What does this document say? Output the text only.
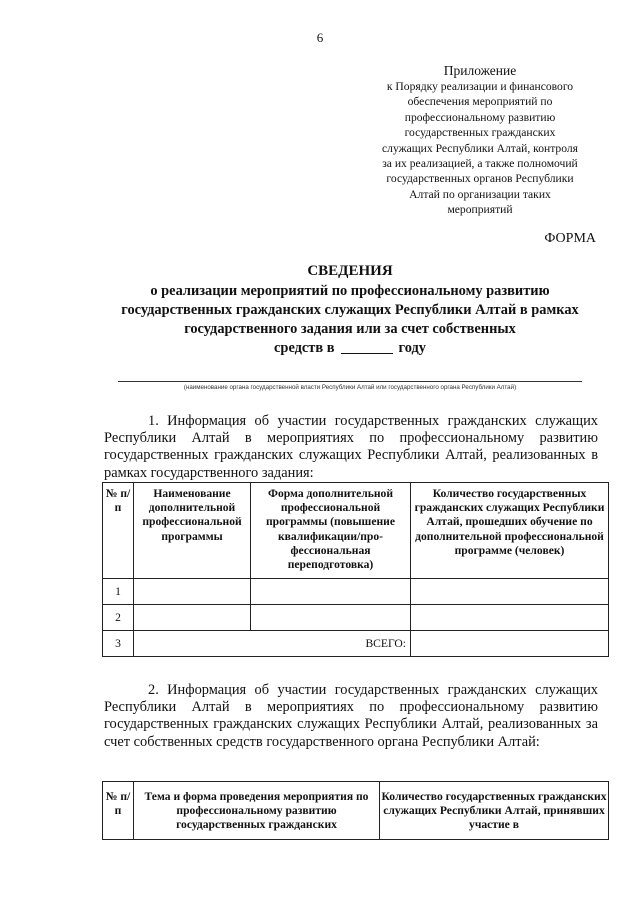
6
Приложение
к Порядку реализации и финансового
обеспечения мероприятий по
профессиональному развитию
государственных гражданских
служащих Республики Алтай, контроля
за их реализацией, а также полномочий
государственных органов Республики
Алтай по организации таких
мероприятий
ФОРМА
СВЕДЕНИЯ
о реализации мероприятий по профессиональному развитию
государственных гражданских служащих Республики Алтай в рамках
государственного задания или за счет собственных
средств в	году
(наименование органа государственной власти Республики Алтай или государственного органа Республики Алтай)
1. Информация об участии государственных гражданских служащих Республики Алтай в мероприятиях по профессиональному развитию государственных гражданских служащих Республики Алтай, реализованных в рамках государственного задания:
№ п/п	Наименование дополнительной профессиональной программы	Форма дополнительной профессиональной программы (повышение квалификации/про-фессиональная переподготовка)	Количество государственных гражданских служащих Республики Алтай, прошедших обучение по дополнительной профессиональной программе (человек)
1			
2			
3	ВСЕГО:		
2. Информация об участии государственных гражданских служащих Республики Алтай в мероприятиях по профессиональному развитию государственных гражданских служащих Республики Алтай, реализованных за счет собственных средств государственного органа Республики Алтай:
№ п/п	Тема и форма проведения мероприятия по профессиональному развитию государственных гражданских	Количество государственных гражданских служащих Республики Алтай, принявших участие в
